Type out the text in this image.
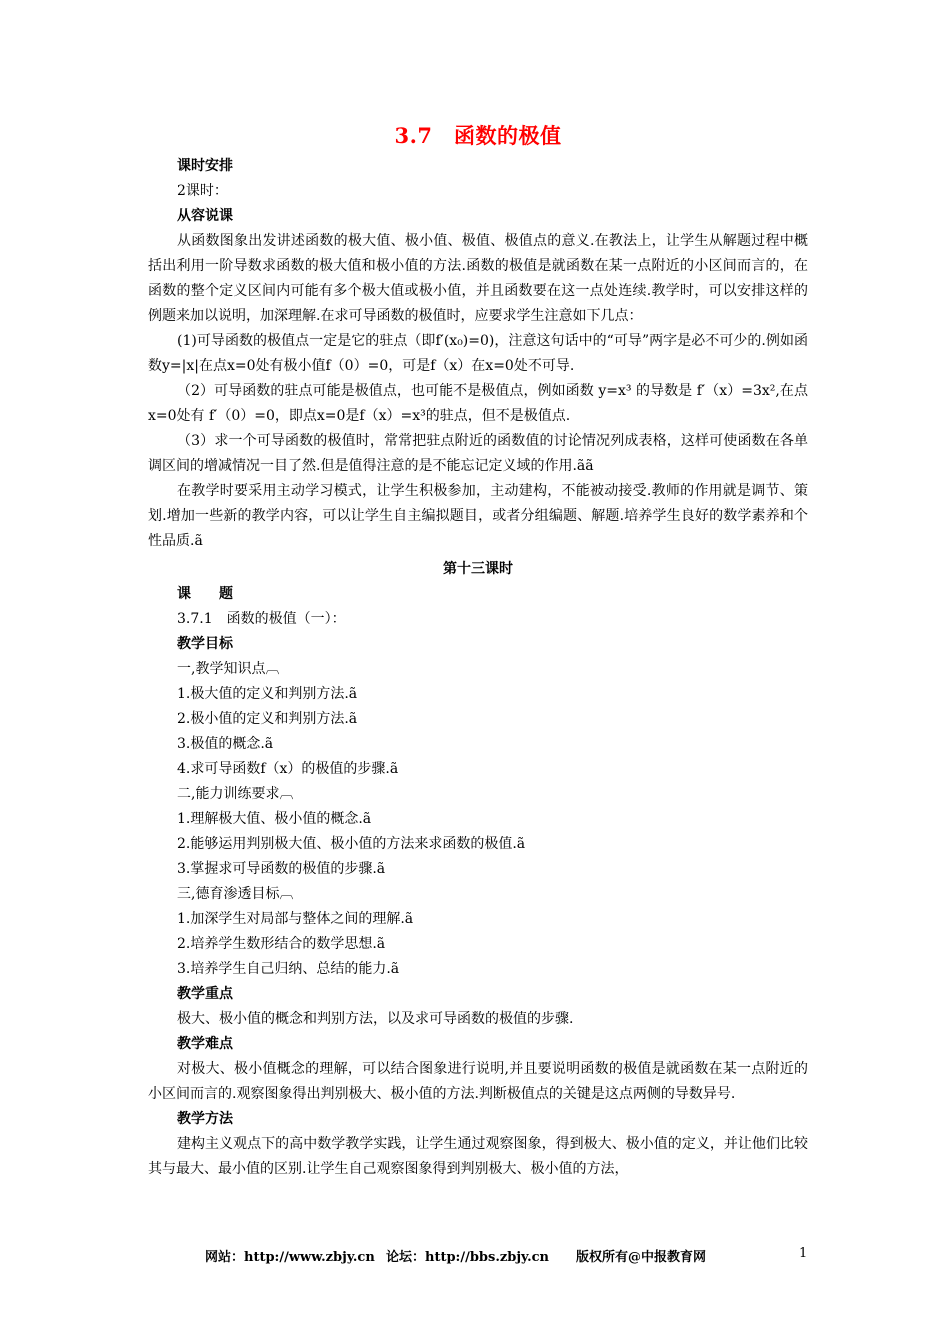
3.7　函数的极值

课时安排

2课时：

从容说课

从函数图象出发讲述函数的极大值、极小值、极值、极值点的意义.在教法上，让学生从解题过程中概括出利用一阶导数求函数的极大值和极小值的方法.函数的极值是就函数在某一点附近的小区间而言的，在函数的整个定义区间内可能有多个极大值或极小值，并且函数要在这一点处连续.教学时，可以安排这样的例题来加以说明，加深理解.在求可导函数的极值时，应要求学生注意如下几点：

(1)可导函数的极值点一定是它的驻点（即f′(x₀)=0)，注意这句话中的“可导”两字是必不可少的.例如函数y=|x|在点x=0处有极小值f（0）=0，可是f（x）在x=0处不可导.

（2）可导函数的驻点可能是极值点，也可能不是极值点，例如函数 y=x³ 的导数是 f′（x）=3x²,在点x=0处有 f′（0）=0，即点x=0是f（x）=x³的驻点，但不是极值点.

（3）求一个可导函数的极值时，常常把驻点附近的函数值的讨论情况列成表格，这样可使函数在各单调区间的增减情况一目了然.但是值得注意的是不能忘记定义域的作用.ãã

在教学时要采用主动学习模式，让学生积极参加，主动建构，不能被动接受.教师的作用就是调节、策划.增加一些新的教学内容，可以让学生自主编拟题目，或者分组编题、解题.培养学生良好的数学素养和个性品质.ã

第十三课时

课　　题

3.7.1　函数的极值（一）：

教学目标

一,教学知识点︹

1.极大值的定义和判别方法.ã

2.极小值的定义和判别方法.ã

3.极值的概念.ã

4.求可导函数f（x）的极值的步骤.ã

二,能力训练要求︹

1.理解极大值、极小值的概念.ã

2.能够运用判别极大值、极小值的方法来求函数的极值.ã

3.掌握求可导函数的极值的步骤.ã

三,德育渗透目标︹

1.加深学生对局部与整体之间的理解.ã

2.培养学生数形结合的数学思想.ã

3.培养学生自己归纳、总结的能力.ã

教学重点

极大、极小值的概念和判别方法，以及求可导函数的极值的步骤.

教学难点

对极大、极小值概念的理解，可以结合图象进行说明,并且要说明函数的极值是就函数在某一点附近的小区间而言的.观察图象得出判别极大、极小值的方法.判断极值点的关键是这点两侧的导数异号.

教学方法

建构主义观点下的高中数学教学实践，让学生通过观察图象，得到极大、极小值的定义，并让他们比较其与最大、最小值的区别.让学生自己观察图象得到判别极大、极小值的方法，

网站：http://www.zbjy.cn 论坛：http://bbs.zbjy.cn 版权所有@中报教育网	1
